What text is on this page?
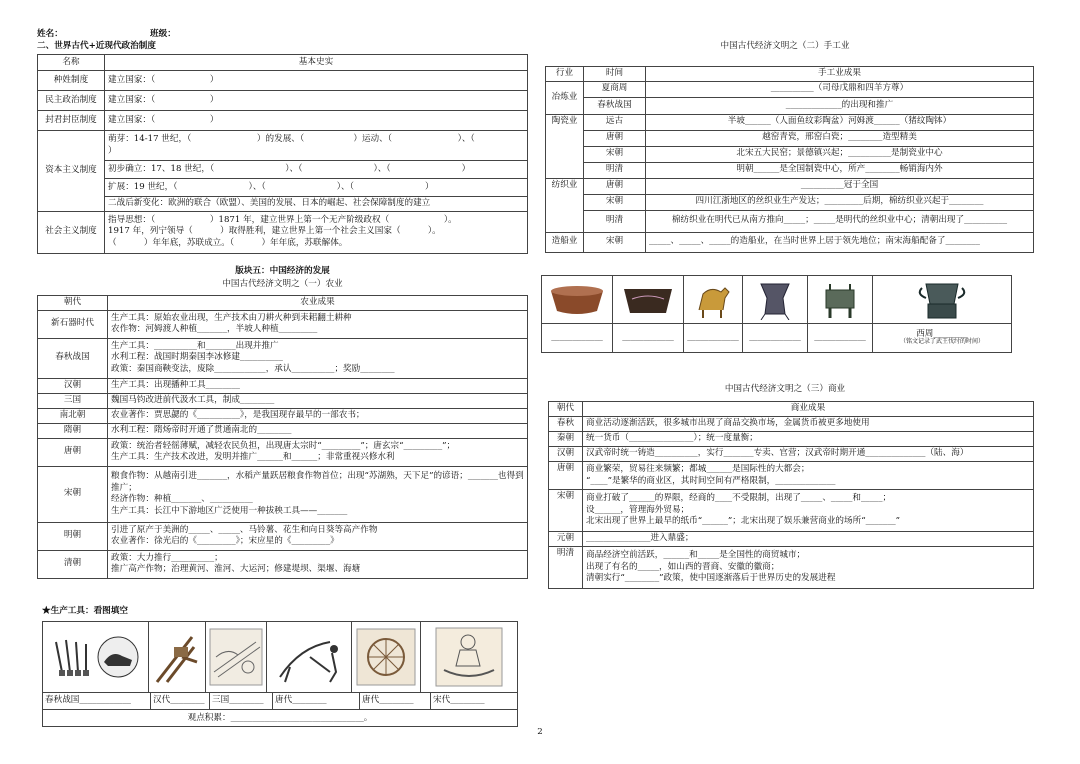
姓名：	班级：
二、世界古代+近现代政治制度
名称	基本史实
种姓制度	建立国家：（                    ）
民主政治制度	建立国家：（                    ）
封君封臣制度	建立国家：（                    ）
资本主义制度	萌芽：14-17 世纪，（                        ）的发展、（                  ）运动、（                        ）、（                    ）
	初步确立：17、18 世纪，（                          ）、（                          ）、（                          ）
	扩展：19 世纪，（                          ）、（                          ）、（                          ）
	二战后新变化：欧洲的联合（欧盟）、美国的发展、日本的崛起、社会保障制度的建立
社会主义制度	指导思想：（                    ）1871 年，建立世界上第一个无产阶级政权（                    ）。
1917 年，列宁领导（          ）取得胜利，建立世界上第一个社会主义国家（          ）。
（          ）年年底，苏联成立。（          ）年年底，苏联解体。
版块五：中国经济的发展
中国古代经济文明之（一）农业
朝代	农业成果
新石器时代	生产工具：原始农业出现，生产技术由刀耕火种到耒耜翻土耕种
农作物：河姆渡人种植_______，半坡人种植_________
春秋战国	生产工具：__________和_______出现并推广
水利工程：战国时期秦国李冰修建__________
政策：秦国商鞅变法，废除____________，承认__________；奖励________
汉朝	生产工具：出现播种工具________
三国	魏国马钧改进前代汲水工具，制成________
南北朝	农业著作：贾思勰的《__________》，是我国现存最早的一部农书；
隋朝	水利工程：隋炀帝时开通了贯通南北的________
唐朝	政策：统治者轻徭薄赋，减轻农民负担，出现唐太宗时“_________”；唐玄宗“_________”；
生产工具：生产技术改进，发明并推广______和______；非常重视兴修水利
宋朝	粮食作物：从越南引进_______，水稻产量跃居粮食作物首位；出现“苏湖熟，天下足”的谚语；_______也得到推广；
经济作物：种植_______、__________
生产工具：长江中下游地区广泛使用一种拔秧工具——_______
明朝	引进了原产于美洲的_____、_____、马铃薯、花生和向日葵等高产作物
农业著作：徐光启的《_________》；宋应星的《_________》
清朝	政策：大力推行__________；
推广高产作物；治理黄河、淮河、大运河；修建堤坝、渠堰、海塘
★生产工具：看图填空
春秋战国____________	汉代________ 三国________	唐代________	唐代________	宋代________
观点积累：_______________________________。
中国古代经济文明之（二）手工业
行业	时间	手工业成果
冶炼业	夏商周	__________（司母戊鼎和四羊方尊）
	春秋战国	_____________的出现和推广
陶瓷业	远古	半坡______（人面鱼纹彩陶盆）河姆渡______（猪纹陶钵）
	唐朝	越窑青瓷，邢窑白瓷；________造型精美
	宋朝	北宋五大民窑；景德镇兴起；__________是制瓷业中心
	明清	明朝______是全国制瓷中心，所产________畅销海内外
纺织业	唐朝	__________冠于全国
	宋朝	四川江浙地区的丝织业生产发达；_________后期，棉纺织业兴起于________
	明清	棉纺织业在明代已从南方推向_____；_____是明代的丝织业中心；清朝出现了__________
造船业	宋朝	_____、_____、_____的造船业，在当时世界上居于领先地位；南宋海船配备了________
____________	____________	____________	____________	____________	西周________
（铭文记录了武王伐纣的时间）
中国古代经济文明之（三）商业
朝代	商业成果
春秋	商业活动逐渐活跃，很多城市出现了商品交换市场，金属货币被更多地使用
秦朝	统一货币（_______________）；统一度量衡；
汉朝	汉武帝时统一铸造__________，实行_______专卖、官营；汉武帝时期开通______________（陆、海）
唐朝	商业繁荣，贸易往来频繁；都城______是国际性的大都会；
“____”是繁华的商业区，其时间空间有严格限制，______________
宋朝	商业打破了______的界限，经商的____不受限制，出现了_____、_____和_____；
设______，管理海外贸易；
北宋出现了世界上最早的纸币“______”；北宋出现了娱乐兼营商业的场所“_______”
元朝	_______________进入鼎盛；
明清	商品经济空前活跃，______和_____是全国性的商贸城市；
出现了有名的_____，如山西的晋商、安徽的徽商；
清朝实行“________”政策，使中国逐渐落后于世界历史的发展进程
2
